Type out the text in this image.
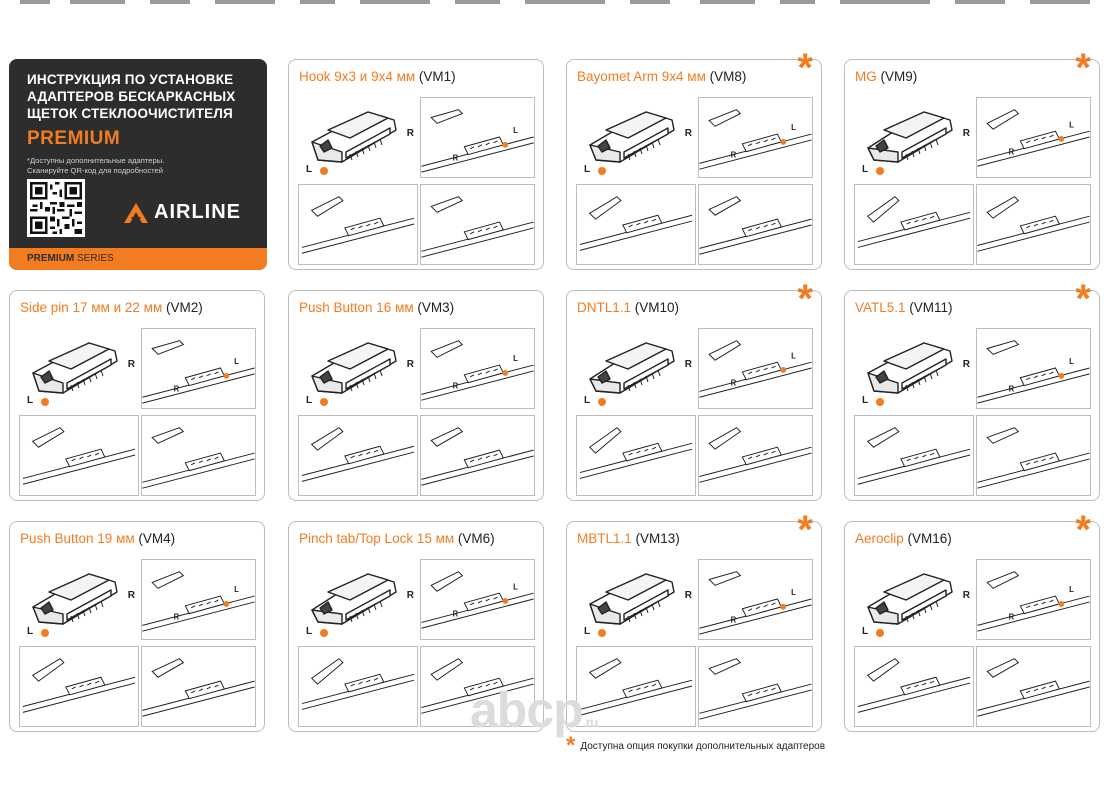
ИНСТРУКЦИЯ ПО УСТАНОВКЕ
АДАПТЕРОВ БЕСКАРКАСНЫХ
ЩЕТОК СТЕКЛООЧИСТИТЕЛЯ
PREMIUM
*Доступны дополнительные адаптеры.
Сканируйте QR-код для подробностей
AIRLINE
PREMIUM SERIES
Hook 9x3 и 9x4 мм (VM1)
R
L
L
R
Bayomet Arm 9x4 мм (VM8) *
R
L
L
R
MG (VM9)	*
R
L
L
R
Side pin 17 мм и 22 мм (VM2)
R
L
L
R
Push Button 16 мм (VM3)
R
L
L
R
DNTL1.1 (VM10)	*
R
L
L
R
VATL5.1 (VM11)	*
R
L
L
R
Push Button 19 мм (VM4)
R
L
L
R
Pinch tab/Top Lock 15 мм (VM6)
R
L
L
R
MBTL1.1 (VM13)	*
R
L
L
R
Aeroclip (VM16)	*
R
L
L
R
abcp.ru
* Доступна опция покупки дополнительных адаптеров
